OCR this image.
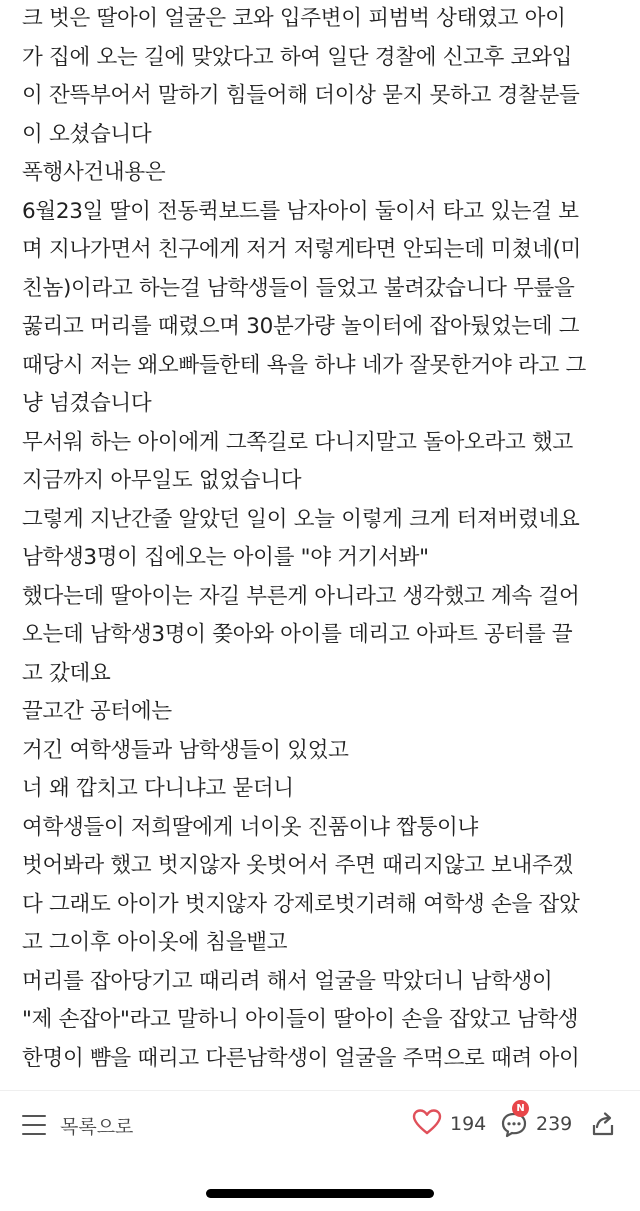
크 벗은 딸아이 얼굴은 코와 입주변이 피범벅 상태였고 아이
가 집에 오는 길에 맞았다고 하여 일단 경찰에 신고후 코와입
이 잔뜩부어서 말하기 힘들어해 더이상 묻지 못하고 경찰분들
이 오셨습니다
폭행사건내용은
6월23일 딸이 전동퀵보드를 남자아이 둘이서 타고 있는걸 보
며 지나가면서 친구에게 저거 저렇게타면 안되는데 미쳤네(미
친놈)이라고 하는걸 남학생들이 들었고 불려갔습니다 무릎을
꿇리고 머리를 때렸으며 30분가량 놀이터에 잡아뒀었는데 그
때당시 저는 왜오빠들한테 욕을 하냐 네가 잘못한거야 라고 그
냥 넘겼습니다
무서워 하는 아이에게 그쪽길로 다니지말고 돌아오라고 했고
지금까지 아무일도 없었습니다
그렇게 지난간줄 알았던 일이 오늘 이렇게 크게 터져버렸네요
남학생3명이 집에오는 아이를 "야 거기서봐"
했다는데 딸아이는 자길 부른게 아니라고 생각했고 계속 걸어
오는데 남학생3명이 쫒아와 아이를 데리고 아파트 공터를 끌
고 갔데요
끌고간 공터에는
거긴 여학생들과 남학생들이 있었고
너 왜 깝치고 다니냐고 묻더니
여학생들이 저희딸에게 너이옷 진품이냐 짭퉁이냐
벗어봐라 했고 벗지않자 옷벗어서 주면 때리지않고 보내주겠
다 그래도 아이가 벗지않자 강제로벗기려해 여학생 손을 잡았
고 그이후 아이옷에 침을뱉고
머리를 잡아당기고 때리려 해서 얼굴을 막았더니 남학생이
"제 손잡아"라고 말하니 아이들이 딸아이 손을 잡았고 남학생
한명이 뺨을 때리고 다른남학생이 얼굴을 주먹으로 때려 아이
목록으로	194
N
239
